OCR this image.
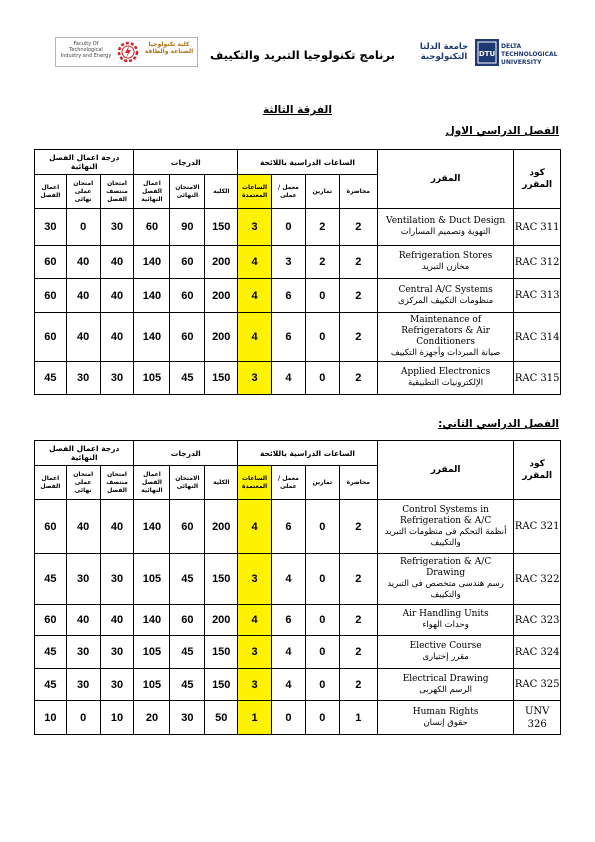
Faculty Of Technological Industry and Energy
كلية تكنولوجيا الصناعة والطاقة	برنامج تكنولوجيا التبريد والتكييف
جامعة الدلتا التكنولوجية	DTU
DELTA TECHNOLOGICAL UNIVERSITY
الفرقة الثالثة
الفصل الدراسي الاول
درجة اعمال الفصل النهائية			الدرجات			الساعات الدراسية باللائحة				المقرر	كود المقرر
اعمال الفصل	امتحان عملى نهائى	امتحان منتصف الفصل	اعمال الفصل النهائية	الامتحان النهائى	الكلية	الساعات المعتمدة	معمل / عملى	تمارين	محاضرة		
30	0	30	60	90	150	3	0	2	2	Ventilation & Duct Design
التهوية وتصميم المسارات	RAC 311
60	40	40	140	60	200	4	3	2	2	Refrigeration Stores
مخازن التبريد	RAC 312
60	40	40	140	60	200	4	6	0	2	Central A/C Systems
منظومات التكييف المركزى	RAC 313
60	40	40	140	60	200	4	6	0	2	Maintenance of Refrigerators & Air Conditioners
صيانة المبردات وأجهزة التكييف	RAC 314
45	30	30	105	45	150	3	4	0	2	Applied Electronics
الإلكترونيات التطبيقية	RAC 315
الفصل الدراسي الثاني:
درجة اعمال الفصل النهائية			الدرجات			الساعات الدراسية باللائحة				المقرر	كود المقرر
اعمال الفصل	امتحان عملى نهائى	امتحان منتصف الفصل	اعمال الفصل النهائية	الامتحان النهائى	الكلية	الساعات المعتمدة	معمل / عملى	تمارين	محاضرة		
60	40	40	140	60	200	4	6	0	2	Control Systems in Refrigeration & A/C
أنظمة التحكم فى منظومات التبريد والتكييف	RAC 321
45	30	30	105	45	150	3	4	0	2	Refrigeration & A/C Drawing
رسم هندسى متخصص فى التبريد والتكييف	RAC 322
60	40	40	140	60	200	4	6	0	2	Air Handling Units
وحدات الهواء	RAC 323
45	30	30	105	45	150	3	4	0	2	Elective Course
مقرر إختيارى	RAC 324
45	30	30	105	45	150	3	4	0	2	Electrical Drawing
الرسم الكهربى	RAC 325
10	0	10	20	30	50	1	0	0	1	Human Rights
حقوق إنسان	UNV 326
